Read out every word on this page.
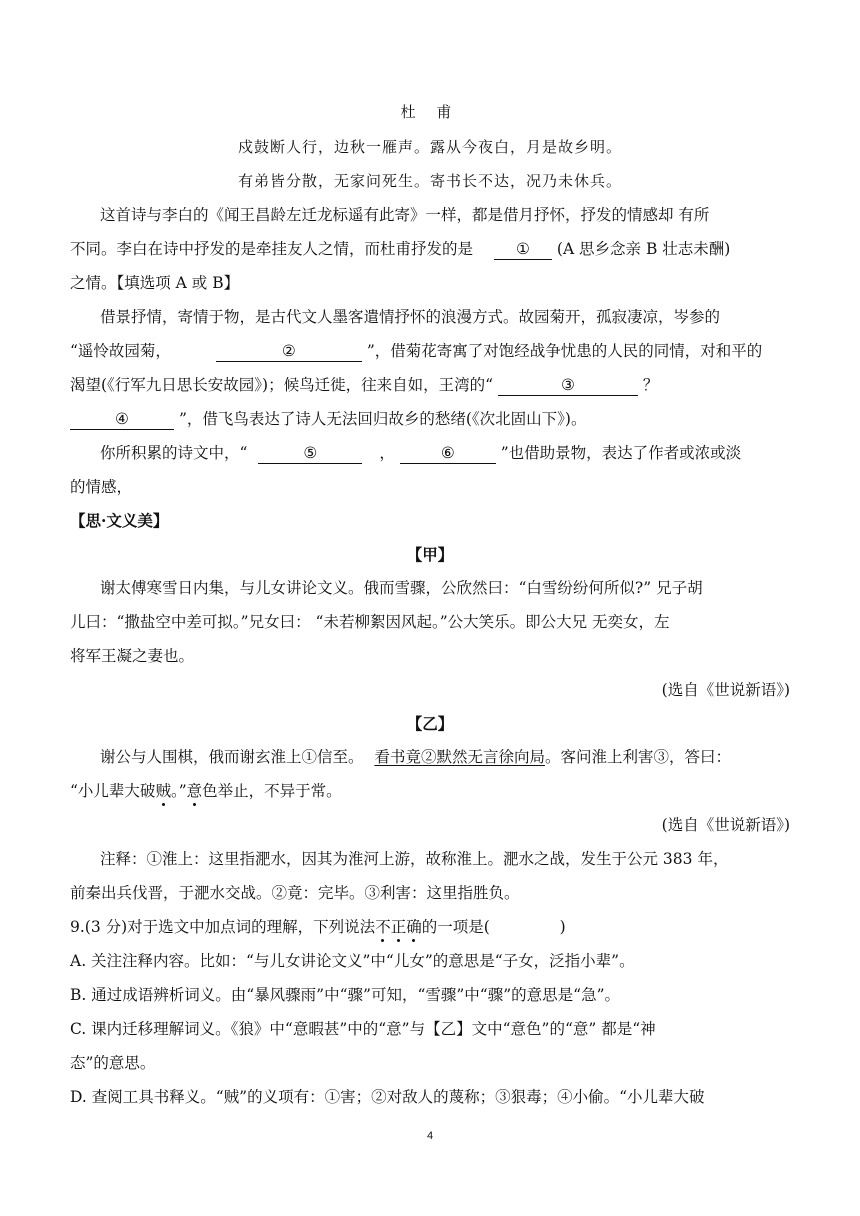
杜 甫
戍鼓断人行，边秋一雁声。露从今夜白，月是故乡明。
有弟皆分散，无家问死生。寄书长不达，况乃未休兵。
这首诗与李白的《闻王昌龄左迁龙标遥有此寄》一样，都是借月抒怀，抒发的情感却 有所
不同。李白在诗中抒发的是牵挂友人之情，而杜甫抒发的是	① (A 思乡念亲 B 壮志未酬)
之情。【填选项 A 或 B】
借景抒情，寄情于物，是古代文人墨客遣情抒怀的浪漫方式。故园菊开，孤寂凄凉，岑参的
“遥怜故园菊，	②	”，借菊花寄寓了对饱经战争忧患的人民的同情，对和平的
渴望(《行军九日思长安故园》)；候鸟迁徙，往来自如，王湾的“	③	？
④	”，借飞鸟表达了诗人无法回归故乡的愁绪(《次北固山下》)。
你所积累的诗文中，“	⑤	，	⑥	”也借助景物，表达了作者或浓或淡
的情感，
【思·文义美】
【甲】
谢太傅寒雪日内集，与儿女讲论文义。俄而雪骤，公欣然曰：“白雪纷纷何所似?” 兄子胡
儿曰：“撒盐空中差可拟。”兄女曰： “未若柳絮因风起。”公大笑乐。即公大兄 无奕女，左
将军王凝之妻也。
(选自《世说新语》)
【乙】
谢公与人围棋，俄而谢玄淮上①信至。 看书竟②默然无言徐向局。客问淮上利害③，答曰：
“小儿辈大破贼。”意色举止，不异于常。
(选自《世说新语》)
注释：①淮上：这里指淝水，因其为淮河上游，故称淮上。淝水之战，发生于公元 383 年，
前秦出兵伐晋，于淝水交战。②竟：完毕。③利害：这里指胜负。
9.(3 分)对于选文中加点词的理解，下列说法不正确的一项是(	)
A. 关注注释内容。比如：“与儿女讲论文义”中“儿女”的意思是“子女，泛指小辈”。
B. 通过成语辨析词义。由“暴风骤雨”中“骤”可知，“雪骤”中“骤”的意思是“急”。
C. 课内迁移理解词义。《狼》中“意暇甚”中的“意”与【乙】文中“意色”的“意” 都是“神
态”的意思。
D. 查阅工具书释义。“贼”的义项有：①害；②对敌人的蔑称；③狠毒；④小偷。“小儿辈大破
4
